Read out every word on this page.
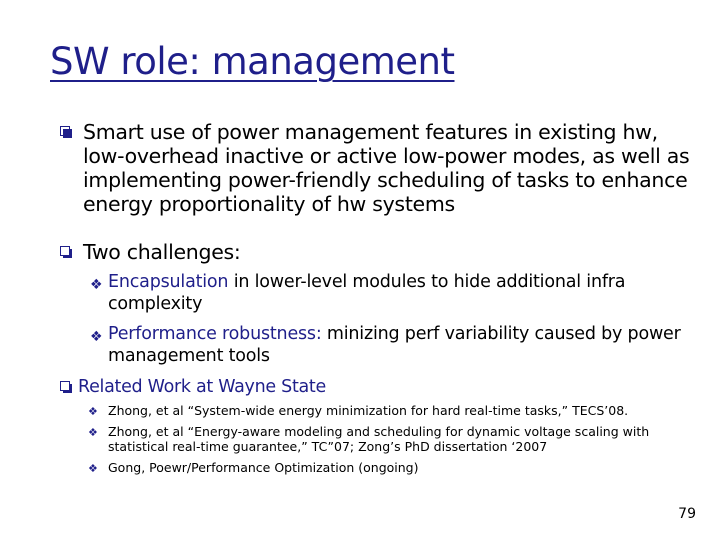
SW role: management
Smart use of power management features in existing hw, low-overhead inactive or active low-power modes, as well as implementing power-friendly scheduling of tasks to enhance energy proportionality of hw systems
Two challenges:
❖ Encapsulation in lower-level modules to hide additional infra complexity
❖ Performance robustness: minizing perf variability caused by power management tools
Related Work at Wayne State
❖ Zhong, et al “System-wide energy minimization for hard real-time tasks,” TECS’08.
❖ Zhong, et al “Energy-aware modeling and scheduling for dynamic voltage scaling with statistical real-time guarantee,” TC”07; Zong’s PhD dissertation ‘2007
❖ Gong, Poewr/Performance Optimization (ongoing)
79
